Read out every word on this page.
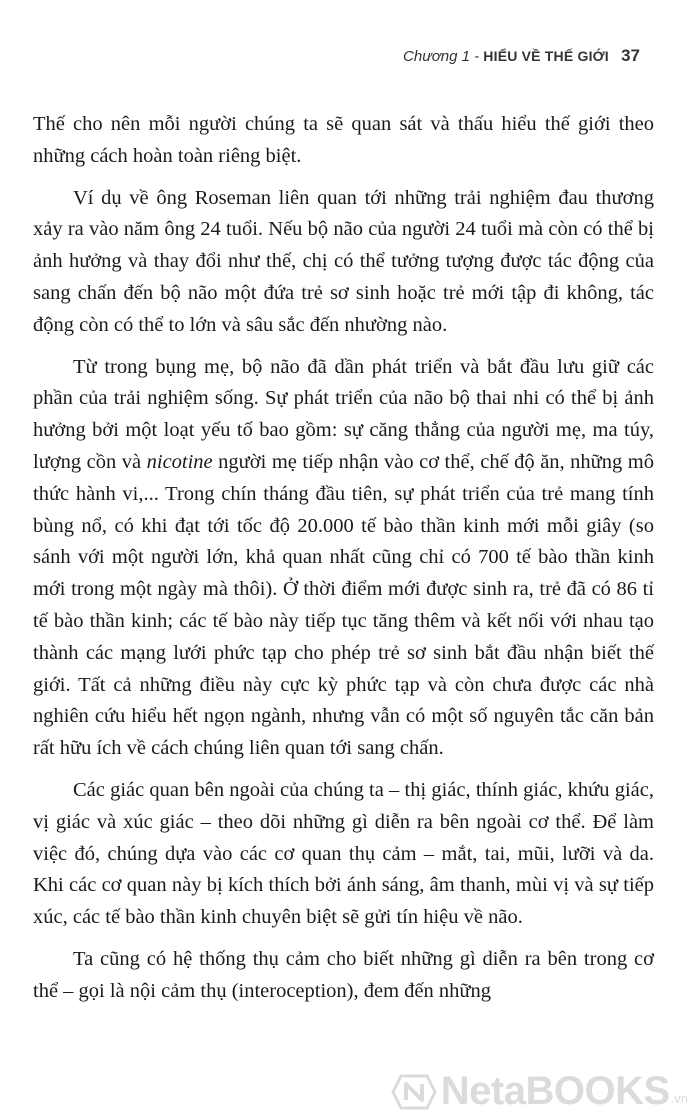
Chương 1 - HIỂU VỀ THẾ GIỚI 37

Thế cho nên mỗi người chúng ta sẽ quan sát và thấu hiểu thế giới theo những cách hoàn toàn riêng biệt.

Ví dụ về ông Roseman liên quan tới những trải nghiệm đau thương xảy ra vào năm ông 24 tuổi. Nếu bộ não của người 24 tuổi mà còn có thể bị ảnh hưởng và thay đổi như thế, chị có thể tưởng tượng được tác động của sang chấn đến bộ não một đứa trẻ sơ sinh hoặc trẻ mới tập đi không, tác động còn có thể to lớn và sâu sắc đến nhường nào.

Từ trong bụng mẹ, bộ não đã dần phát triển và bắt đầu lưu giữ các phần của trải nghiệm sống. Sự phát triển của não bộ thai nhi có thể bị ảnh hưởng bởi một loạt yếu tố bao gồm: sự căng thẳng của người mẹ, ma túy, lượng cồn và nicotine người mẹ tiếp nhận vào cơ thể, chế độ ăn, những mô thức hành vi,... Trong chín tháng đầu tiên, sự phát triển của trẻ mang tính bùng nổ, có khi đạt tới tốc độ 20.000 tế bào thần kinh mới mỗi giây (so sánh với một người lớn, khả quan nhất cũng chỉ có 700 tế bào thần kinh mới trong một ngày mà thôi). Ở thời điểm mới được sinh ra, trẻ đã có 86 tỉ tế bào thần kinh; các tế bào này tiếp tục tăng thêm và kết nối với nhau tạo thành các mạng lưới phức tạp cho phép trẻ sơ sinh bắt đầu nhận biết thế giới. Tất cả những điều này cực kỳ phức tạp và còn chưa được các nhà nghiên cứu hiểu hết ngọn ngành, nhưng vẫn có một số nguyên tắc căn bản rất hữu ích về cách chúng liên quan tới sang chấn.

Các giác quan bên ngoài của chúng ta – thị giác, thính giác, khứu giác, vị giác và xúc giác – theo dõi những gì diễn ra bên ngoài cơ thể. Để làm việc đó, chúng dựa vào các cơ quan thụ cảm – mắt, tai, mũi, lưỡi và da. Khi các cơ quan này bị kích thích bởi ánh sáng, âm thanh, mùi vị và sự tiếp xúc, các tế bào thần kinh chuyên biệt sẽ gửi tín hiệu về não.

Ta cũng có hệ thống thụ cảm cho biết những gì diễn ra bên trong cơ thể – gọi là nội cảm thụ (interoception), đem đến những

NetaBOOKS .vn
